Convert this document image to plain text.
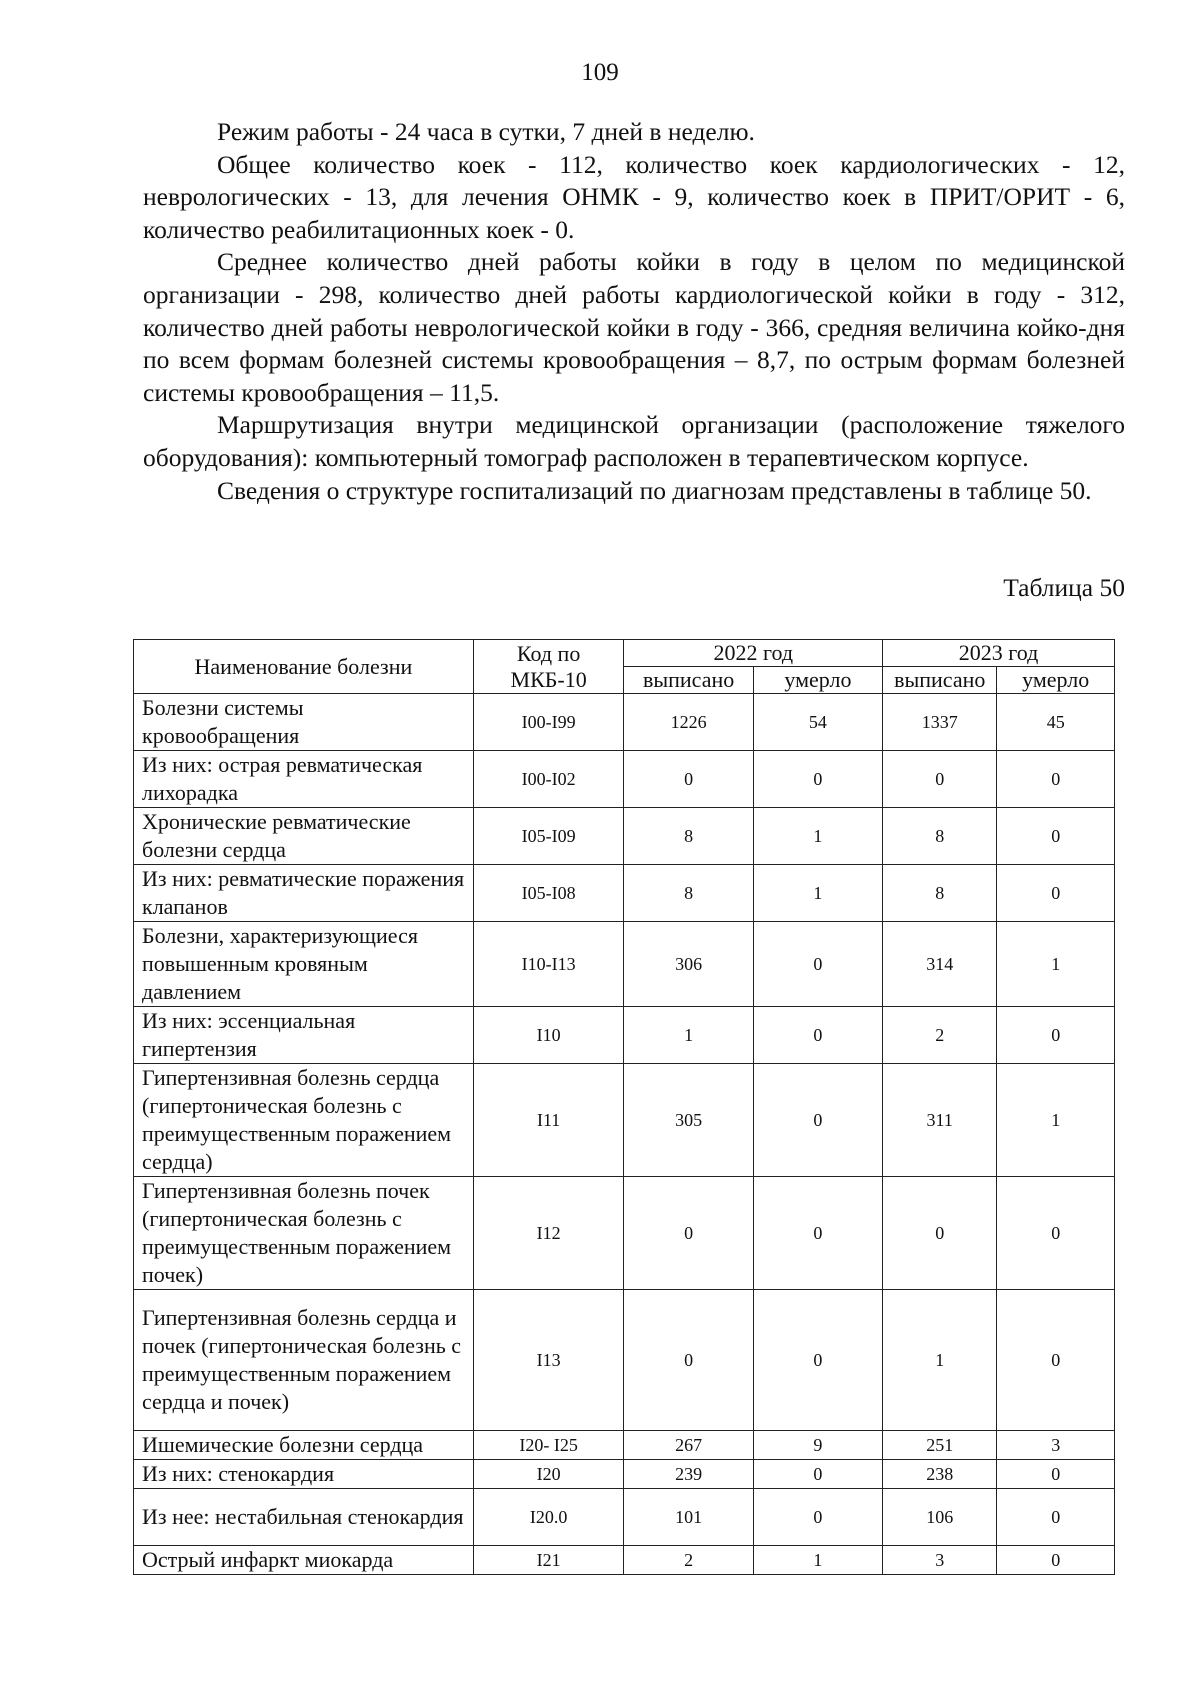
109

Режим работы - 24 часа в сутки, 7 дней в неделю.

Общее количество коек - 112, количество коек кардиологических - 12, неврологических - 13, для лечения ОНМК - 9, количество коек в ПРИТ/ОРИТ - 6, количество реабилитационных коек - 0.

Среднее количество дней работы койки в году в целом по медицинской организации - 298, количество дней работы кардиологической койки в году - 312, количество дней работы неврологической койки в году - 366, средняя величина койко-дня по всем формам болезней системы кровообращения – 8,7, по острым формам болезней системы кровообращения – 11,5.

Маршрутизация внутри медицинской организации (расположение тяжелого оборудования): компьютерный томограф расположен в терапевтическом корпусе.

Сведения о структуре госпитализаций по диагнозам представлены в таблице 50.

Таблица 50
Наименование болезни	Код по МКБ-10	2022 год		2023 год	
		выписано	умерло	выписано	умерло
Болезни системы кровообращения	I00-I99	1226	54	1337	45
Из них: острая ревматическая лихорадка	I00-I02	0	0	0	0
Хронические ревматические болезни сердца	I05-I09	8	1	8	0
Из них: ревматические поражения клапанов	I05-I08	8	1	8	0
Болезни, характеризующиеся повышенным кровяным давлением	I10-I13	306	0	314	1
Из них: эссенциальная гипертензия	I10	1	0	2	0
Гипертензивная болезнь сердца (гипертоническая болезнь с преимущественным поражением сердца)	I11	305	0	311	1
Гипертензивная болезнь почек (гипертоническая болезнь с преимущественным поражением почек)	I12	0	0	0	0
Гипертензивная болезнь сердца и почек (гипертоническая болезнь с преимущественным поражением сердца и почек)	I13	0	0	1	0
Ишемические болезни сердца	I20- I25	267	9	251	3
Из них: стенокардия	I20	239	0	238	0
Из нее: нестабильная стенокардия	I20.0	101	0	106	0
Острый инфаркт миокарда	I21	2	1	3	0
